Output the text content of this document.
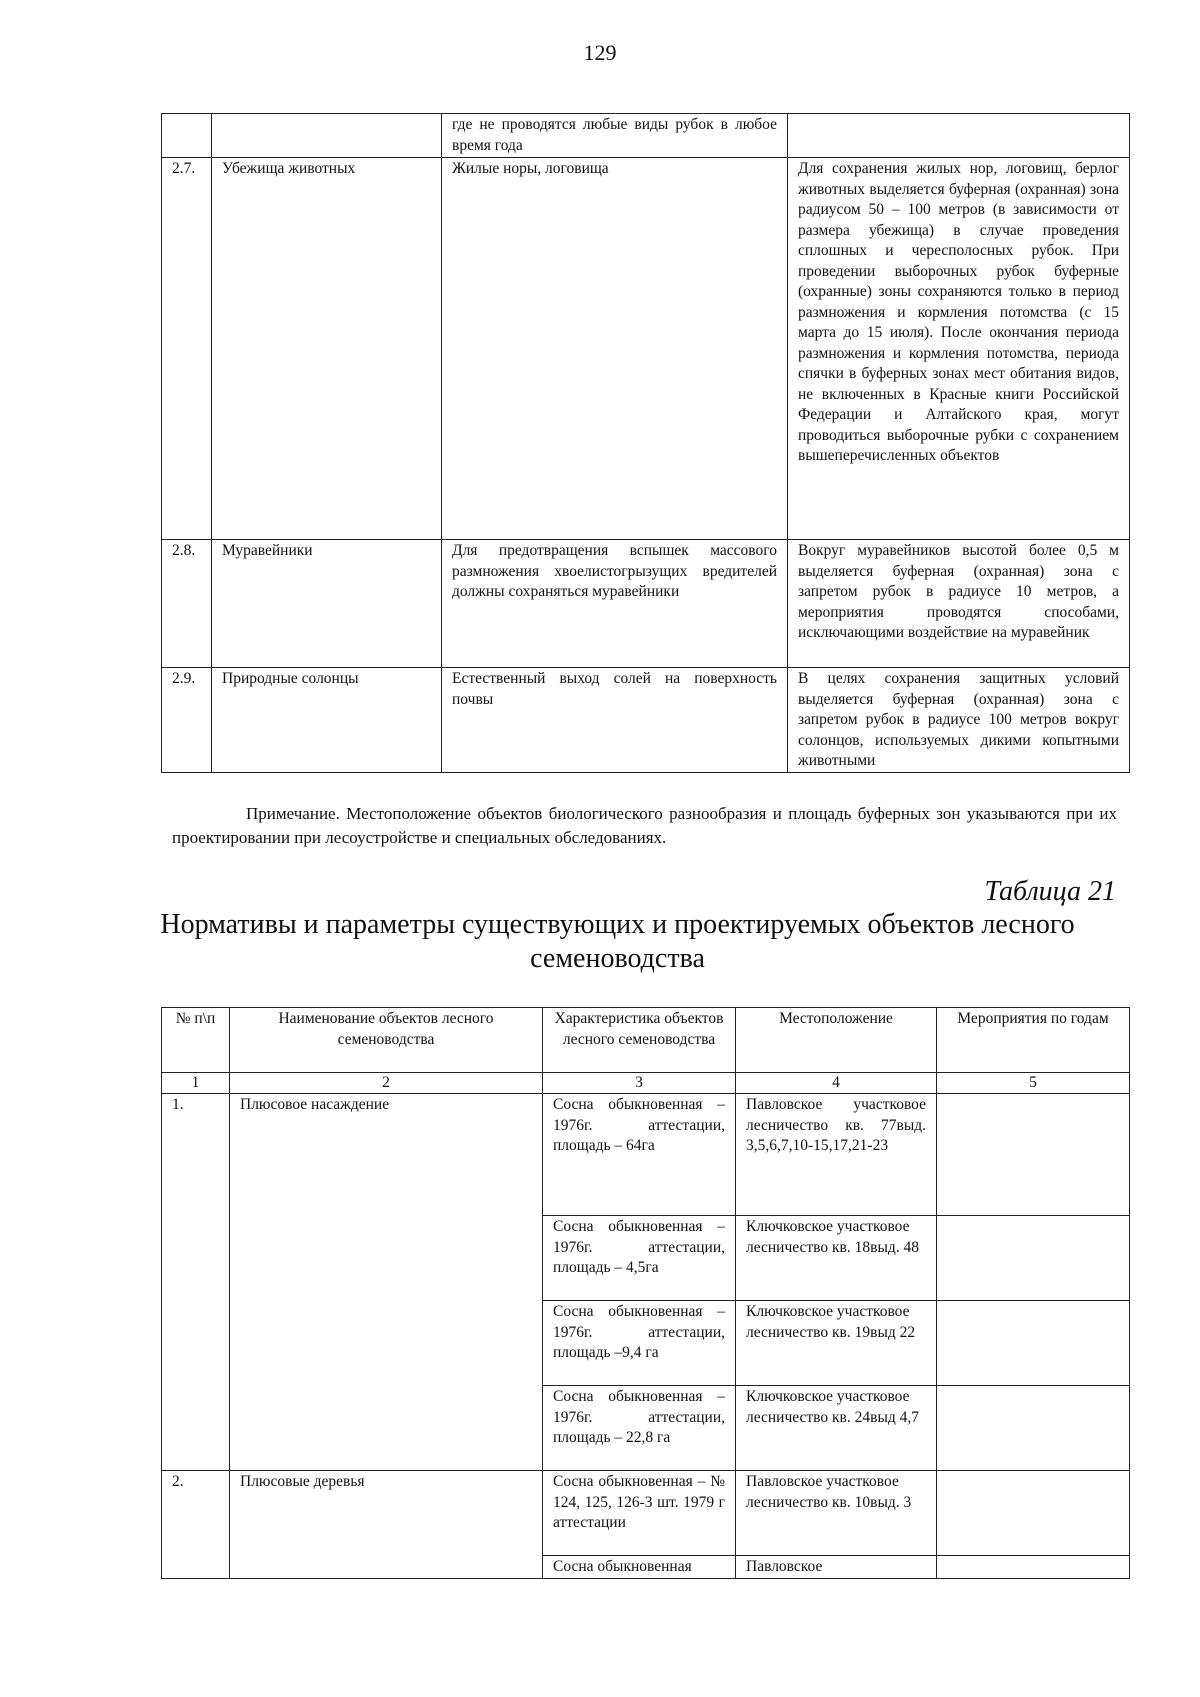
129
		где не проводятся любые виды рубок в любое время года	
2.7.	Убежища животных	Жилые норы, логовища	Для сохранения жилых нор, логовищ, берлог животных выделяется буферная (охранная) зона радиусом 50 – 100 метров (в зависимости от размера убежища) в случае проведения сплошных и чересполосных рубок. При проведении выборочных рубок буферные (охранные) зоны сохраняются только в период размножения и кормления потомства (с 15 марта до 15 июля). После окончания периода размножения и кормления потомства, периода спячки в буферных зонах мест обитания видов, не включенных в Красные книги Российской Федерации и Алтайского края, могут проводиться выборочные рубки с сохранением вышеперечисленных объектов
2.8.	Муравейники	Для предотвращения вспышек массового размножения хвоелистогрызущих вредителей должны сохраняться муравейники	Вокруг муравейников высотой более 0,5 м выделяется буферная (охранная) зона с запретом рубок в радиусе 10 метров, а мероприятия проводятся способами, исключающими воздействие на муравейник
2.9.	Природные солонцы	Естественный выход солей на поверхность почвы	В целях сохранения защитных условий выделяется буферная (охранная) зона с запретом рубок в радиусе 100 метров вокруг солонцов, используемых дикими копытными животными
Примечание. Местоположение объектов биологического разнообразия и площадь буферных зон указываются при их проектировании при лесоустройстве и специальных обследованиях.
Таблица 21
Нормативы и параметры существующих и проектируемых объектов лесного семеноводства
№ п\п	Наименование объектов лесного семеноводства	Характеристика объектов лесного семеноводства	Местоположение	Мероприятия по годам
1	2	3	4	5
1.	Плюсовое насаждение	Сосна обыкновенная – 1976г. аттестации, площадь – 64га	Павловское участковое лесничество кв. 77выд. 3,5,6,7,10-15,17,21-23	
		Сосна обыкновенная – 1976г. аттестации, площадь – 4,5га	Ключковское участковое лесничество кв. 18выд. 48	
		Сосна обыкновенная – 1976г. аттестации, площадь –9,4 га	Ключковское участковое лесничество кв. 19выд 22	
		Сосна обыкновенная – 1976г. аттестации, площадь – 22,8 га	Ключковское участковое лесничество кв. 24выд 4,7	
2.	Плюсовые деревья	Сосна обыкновенная – № 124, 125, 126-3 шт. 1979 г аттестации	Павловское участковое лесничество кв. 10выд. 3	
		Сосна обыкновенная	Павловское	
